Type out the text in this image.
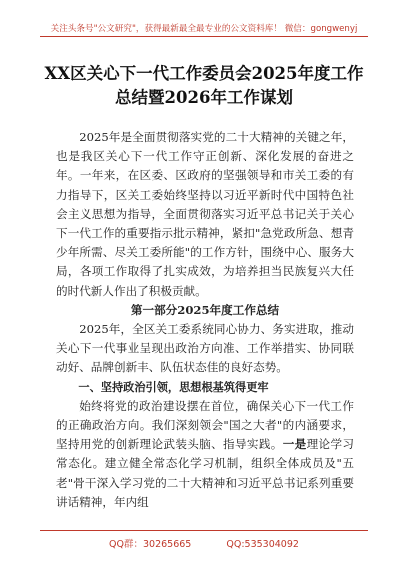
关注头条号"公文研究"，获得最新最全最专业的公文资料库！ 微信：gongwenyj
XX区关心下一代工作委员会2025年度工作总结暨2026年工作谋划

2025年是全面贯彻落实党的二十大精神的关键之年，也是我区关心下一代工作守正创新、深化发展的奋进之年。一年来，在区委、区政府的坚强领导和市关工委的有力指导下，区关工委始终坚持以习近平新时代中国特色社会主义思想为指导，全面贯彻落实习近平总书记关于关心下一代工作的重要指示批示精神，紧扣"急党政所急、想青少年所需、尽关工委所能"的工作方针，围绕中心、服务大局，各项工作取得了扎实成效，为培养担当民族复兴大任的时代新人作出了积极贡献。

第一部分2025年度工作总结

2025年，全区关工委系统同心协力、务实进取，推动关心下一代事业呈现出政治方向准、工作举措实、协同联动好、品牌创新丰、队伍状态佳的良好态势。

一、坚持政治引领，思想根基筑得更牢

始终将党的政治建设摆在首位，确保关心下一代工作的正确政治方向。我们深刻领会"国之大者"的内涵要求，坚持用党的创新理论武装头脑、指导实践。一是理论学习常态化。建立健全常态化学习机制，组织全体成员及"五老"骨干深入学习党的二十大精神和习近平总书记系列重要讲话精神，年内组

QQ群：30265665	QQ:535304092
